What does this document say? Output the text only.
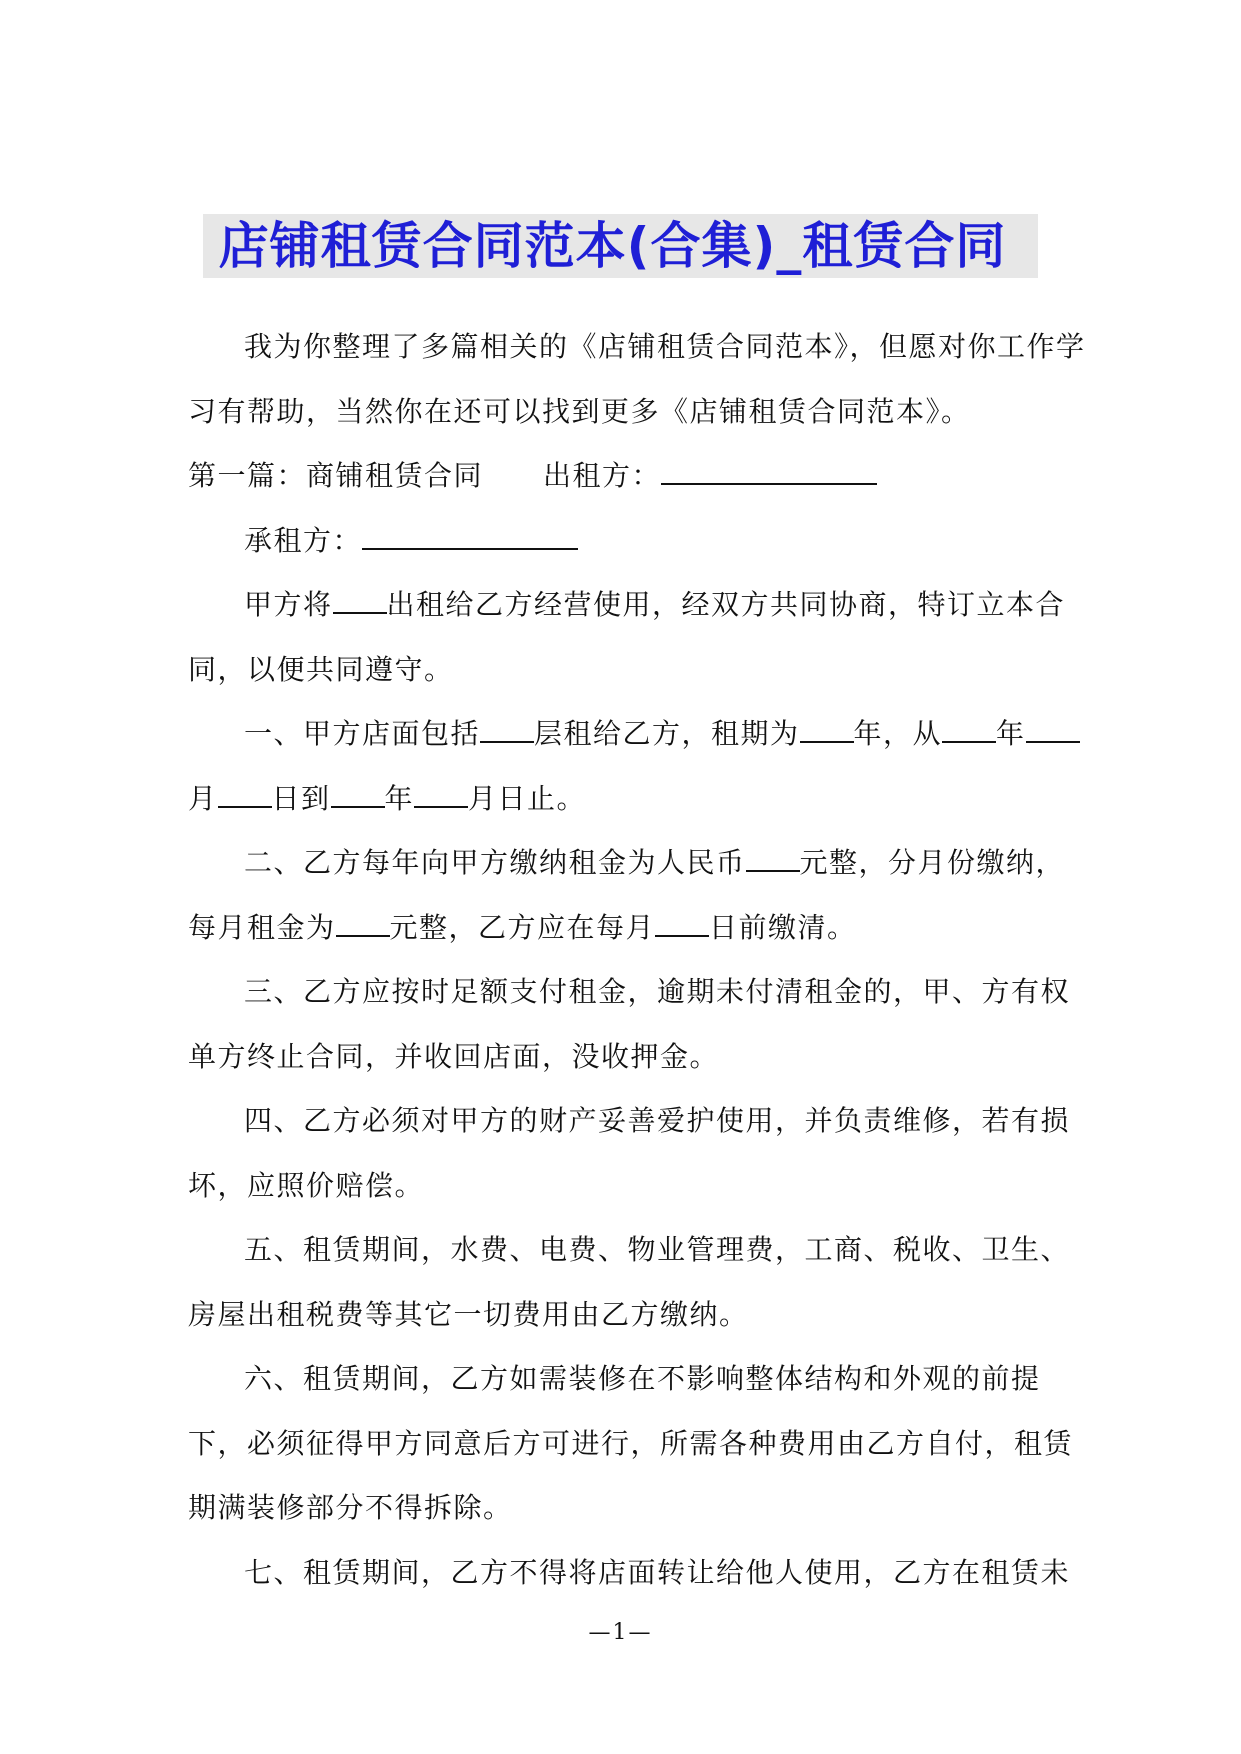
店铺租赁合同范本(合集)_租赁合同

我为你整理了多篇相关的《店铺租赁合同范本》，但愿对你工作学习有帮助，当然你在还可以找到更多《店铺租赁合同范本》。

第一篇：商铺租赁合同 出租方：

承租方：

甲方将 出租给乙方经营使用，经双方共同协商，特订立本合同，以便共同遵守。

一、甲方店面包括 层租给乙方，租期为 年，从 年月 日到 年 月日止。

二、乙方每年向甲方缴纳租金为人民币 元整，分月份缴纳，每月租金为 元整，乙方应在每月 日前缴清。

三、乙方应按时足额支付租金，逾期未付清租金的，甲、方有权单方终止合同，并收回店面，没收押金。

四、乙方必须对甲方的财产妥善爱护使用，并负责维修，若有损坏，应照价赔偿。

五、租赁期间，水费、电费、物业管理费，工商、税收、卫生、房屋出租税费等其它一切费用由乙方缴纳。

六、租赁期间，乙方如需装修在不影响整体结构和外观的前提下，必须征得甲方同意后方可进行，所需各种费用由乙方自付，租赁期满装修部分不得拆除。

七、租赁期间，乙方不得将店面转让给他人使用，乙方在租赁未

—1—
